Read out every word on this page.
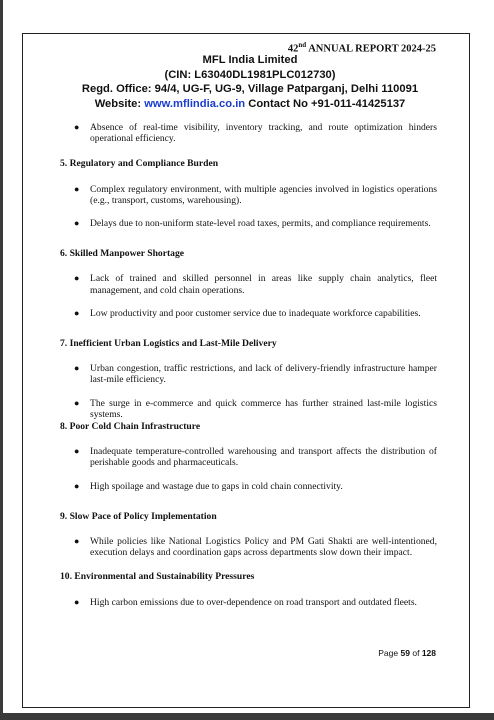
42nd ANNUAL REPORT 2024-25
MFL India Limited
(CIN: L63040DL1981PLC012730)
Regd. Office: 94/4, UG-F, UG-9, Village Patparganj, Delhi 110091
Website: www.mflindia.co.in Contact No +91-011-41425137
● Absence of real-time visibility, inventory tracking, and route optimization hinders operational efficiency.
5. Regulatory and Compliance Burden
● Complex regulatory environment, with multiple agencies involved in logistics operations (e.g., transport, customs, warehousing).
● Delays due to non-uniform state-level road taxes, permits, and compliance requirements.
6. Skilled Manpower Shortage
● Lack of trained and skilled personnel in areas like supply chain analytics, fleet management, and cold chain operations.
● Low productivity and poor customer service due to inadequate workforce capabilities.
7. Inefficient Urban Logistics and Last-Mile Delivery
● Urban congestion, traffic restrictions, and lack of delivery-friendly infrastructure hamper last-mile efficiency.
● The surge in e-commerce and quick commerce has further strained last-mile logistics systems.
8. Poor Cold Chain Infrastructure
● Inadequate temperature-controlled warehousing and transport affects the distribution of perishable goods and pharmaceuticals.
● High spoilage and wastage due to gaps in cold chain connectivity.
9. Slow Pace of Policy Implementation
● While policies like National Logistics Policy and PM Gati Shakti are well-intentioned, execution delays and coordination gaps across departments slow down their impact.
10. Environmental and Sustainability Pressures
● High carbon emissions due to over-dependence on road transport and outdated fleets.
Page 59 of 128
